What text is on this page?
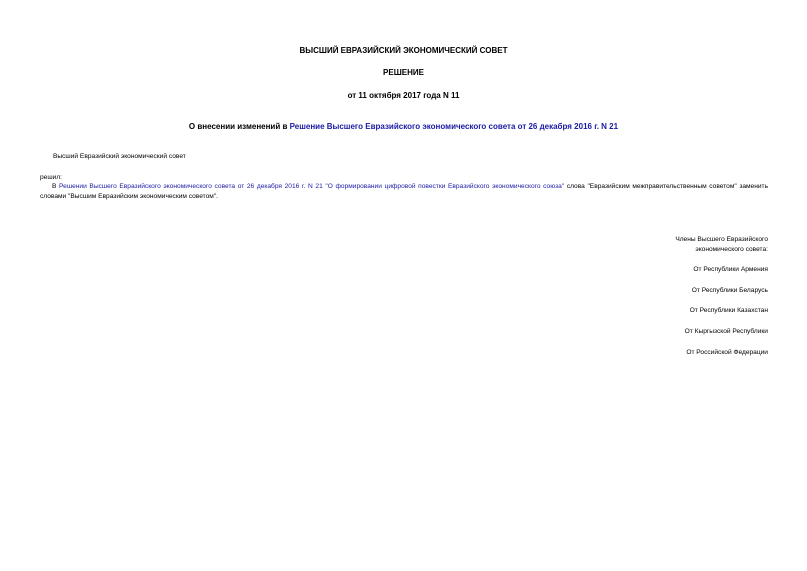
ВЫСШИЙ ЕВРАЗИЙСКИЙ ЭКОНОМИЧЕСКИЙ СОВЕТ
РЕШЕНИЕ
от 11 октября 2017 года N 11
О внесении изменений в Решение Высшего Евразийского экономического совета от 26 декабря 2016 г. N 21
Высший Евразийский экономический совет
решил:
В Решении Высшего Евразийского экономического совета от 26 декабря 2016 г. N 21 "О формировании цифровой повестки Евразийского экономического союза" слова "Евразийским межправительственным советом" заменить словами "Высшим Евразийским экономическим советом".
Члены Высшего Евразийского
экономического совета:
От Республики Армения
От Республики Беларусь
От Республики Казахстан
От Кыргызской Республики
От Российской Федерации
